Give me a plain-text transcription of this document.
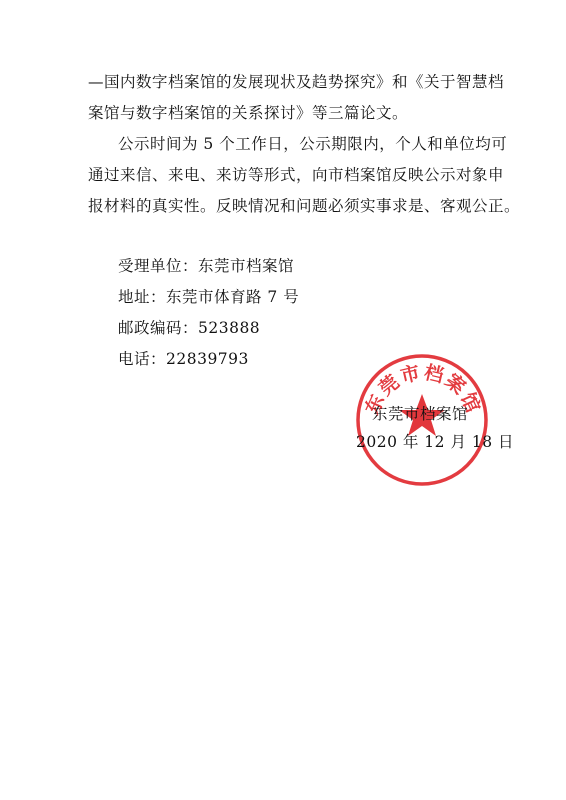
—国内数字档案馆的发展现状及趋势探究》和《关于智慧档
案馆与数字档案馆的关系探讨》等三篇论文。
公示时间为 5 个工作日，公示期限内，个人和单位均可
通过来信、来电、来访等形式，向市档案馆反映公示对象申
报材料的真实性。反映情况和问题必须实事求是、客观公正。
受理单位：东莞市档案馆
地址：东莞市体育路 7 号
邮政编码：523888
电话：22839793
东莞市档案馆
东莞市档案馆
2020 年 12 月 18 日
